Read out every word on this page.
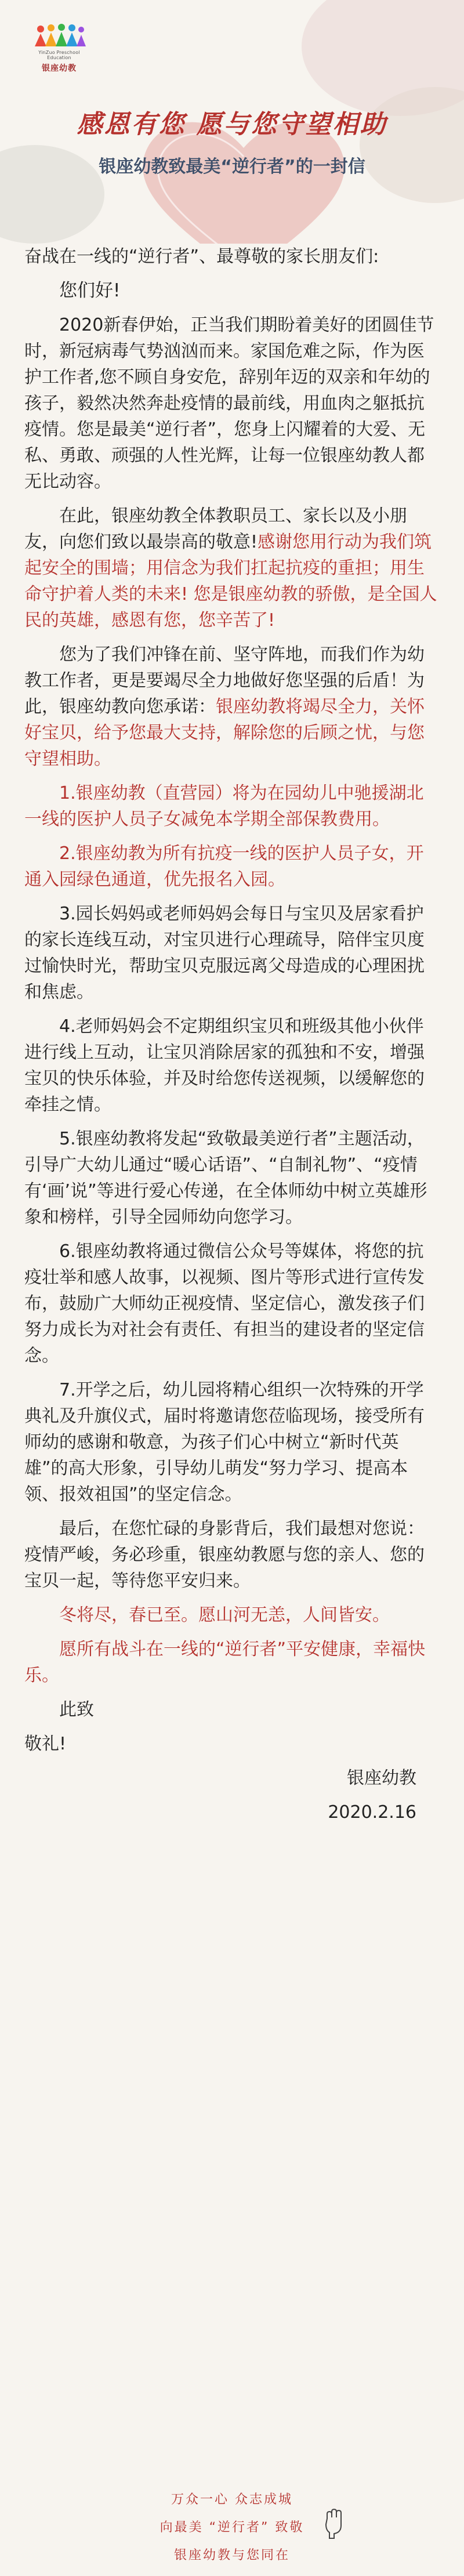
YinZuo Preschool Education
银座幼教
感恩有您 愿与您守望相助
银座幼教致最美“逆行者”的一封信

奋战在一线的“逆行者”、最尊敬的家长朋友们:

您们好!

2020新春伊始，正当我们期盼着美好的团圆佳节时，新冠病毒气势汹汹而来。家国危难之际，作为医护工作者,您不顾自身安危，辞别年迈的双亲和年幼的孩子，毅然决然奔赴疫情的最前线，用血肉之躯抵抗疫情。您是最美“逆行者”，您身上闪耀着的大爱、无私、勇敢、顽强的人性光辉，让每一位银座幼教人都无比动容。

在此，银座幼教全体教职员工、家长以及小朋友，向您们致以最崇高的敬意!感谢您用行动为我们筑起安全的围墙；用信念为我们扛起抗疫的重担；用生命守护着人类的未来! 您是银座幼教的骄傲，是全国人民的英雄，感恩有您，您辛苦了!

您为了我们冲锋在前、坚守阵地，而我们作为幼教工作者，更是要竭尽全力地做好您坚强的后盾！为此，银座幼教向您承诺：银座幼教将竭尽全力，关怀好宝贝，给予您最大支持，解除您的后顾之忧，与您守望相助。

1.银座幼教（直营园）将为在园幼儿中驰援湖北一线的医护人员子女减免本学期全部保教费用。

2.银座幼教为所有抗疫一线的医护人员子女，开通入园绿色通道，优先报名入园。

3.园长妈妈或老师妈妈会每日与宝贝及居家看护的家长连线互动，对宝贝进行心理疏导，陪伴宝贝度过愉快时光，帮助宝贝克服远离父母造成的心理困扰和焦虑。

4.老师妈妈会不定期组织宝贝和班级其他小伙伴进行线上互动，让宝贝消除居家的孤独和不安，增强宝贝的快乐体验，并及时给您传送视频，以缓解您的牵挂之情。

5.银座幼教将发起“致敬最美逆行者”主题活动，引导广大幼儿通过“暖心话语”、“自制礼物”、“疫情有‘画’说”等进行爱心传递，在全体师幼中树立英雄形象和榜样，引导全园师幼向您学习。

6.银座幼教将通过微信公众号等媒体，将您的抗疫壮举和感人故事，以视频、图片等形式进行宣传发布，鼓励广大师幼正视疫情、坚定信心，激发孩子们努力成长为对社会有责任、有担当的建设者的坚定信念。

7.开学之后，幼儿园将精心组织一次特殊的开学典礼及升旗仪式，届时将邀请您莅临现场，接受所有师幼的感谢和敬意，为孩子们心中树立“新时代英雄”的高大形象，引导幼儿萌发“努力学习、提高本领、报效祖国”的坚定信念。

最后，在您忙碌的身影背后，我们最想对您说：疫情严峻，务必珍重，银座幼教愿与您的亲人、您的宝贝一起，等待您平安归来。

冬将尽，春已至。愿山河无恙，人间皆安。

愿所有战斗在一线的“逆行者”平安健康，幸福快乐。

此致

敬礼!

银座幼教

2020.2.16

万众一心 众志成城
向最美 “逆行者” 致敬
银座幼教与您同在
